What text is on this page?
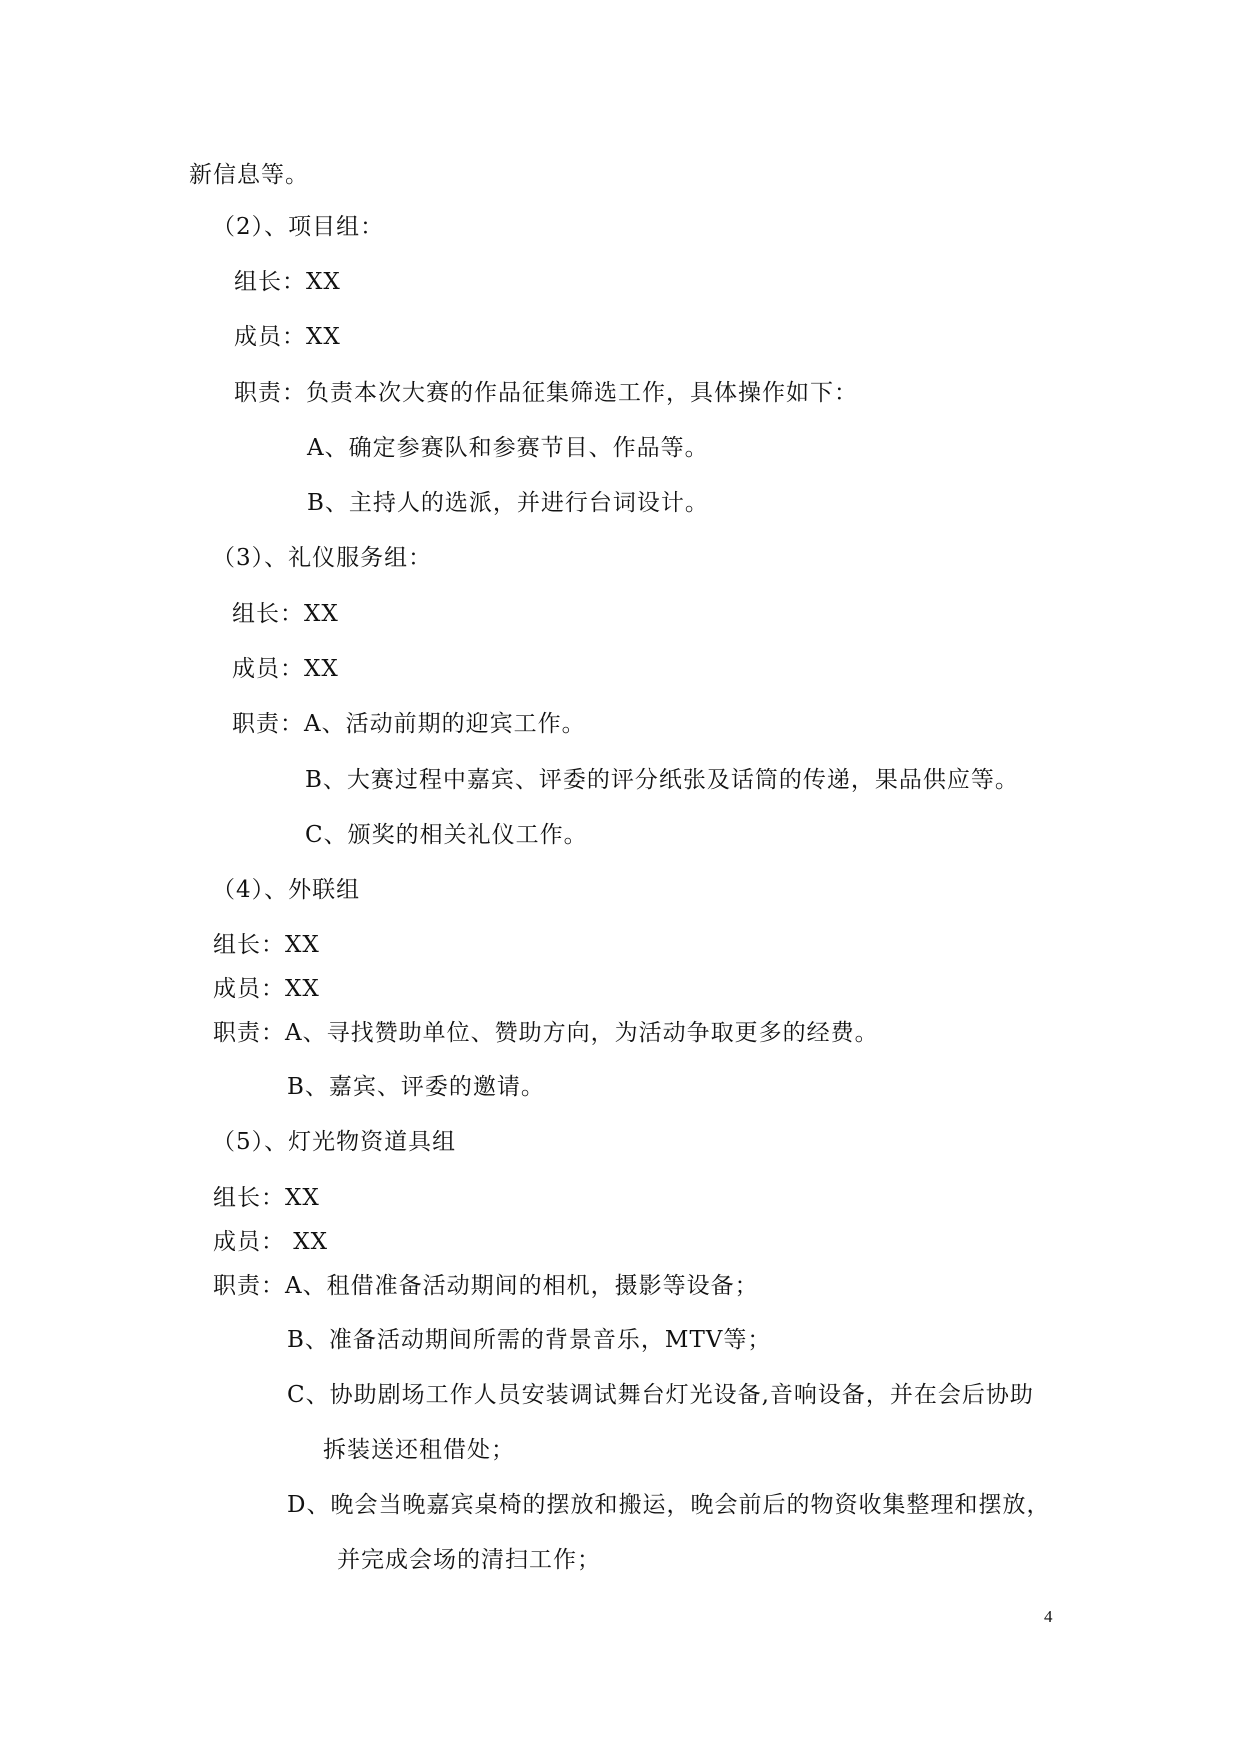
新信息等。
（2）、项目组：
组长：XX
成员：XX
职责：负责本次大赛的作品征集筛选工作，具体操作如下：
A、确定参赛队和参赛节目、作品等。
B、主持人的选派，并进行台词设计。
（3）、礼仪服务组：
组长：XX
成员：XX
职责：A、活动前期的迎宾工作。
B、大赛过程中嘉宾、评委的评分纸张及话筒的传递，果品供应等。
C、颁奖的相关礼仪工作。
（4）、外联组
组长：XX
成员：XX
职责：A、寻找赞助单位、赞助方向，为活动争取更多的经费。
B、嘉宾、评委的邀请。
（5）、灯光物资道具组
组长：XX
成员： XX
职责：A、租借准备活动期间的相机，摄影等设备；
B、准备活动期间所需的背景音乐，MTV等；
C、协助剧场工作人员安装调试舞台灯光设备,音响设备，并在会后协助
拆装送还租借处；
D、晚会当晚嘉宾桌椅的摆放和搬运，晚会前后的物资收集整理和摆放，
并完成会场的清扫工作；
4
